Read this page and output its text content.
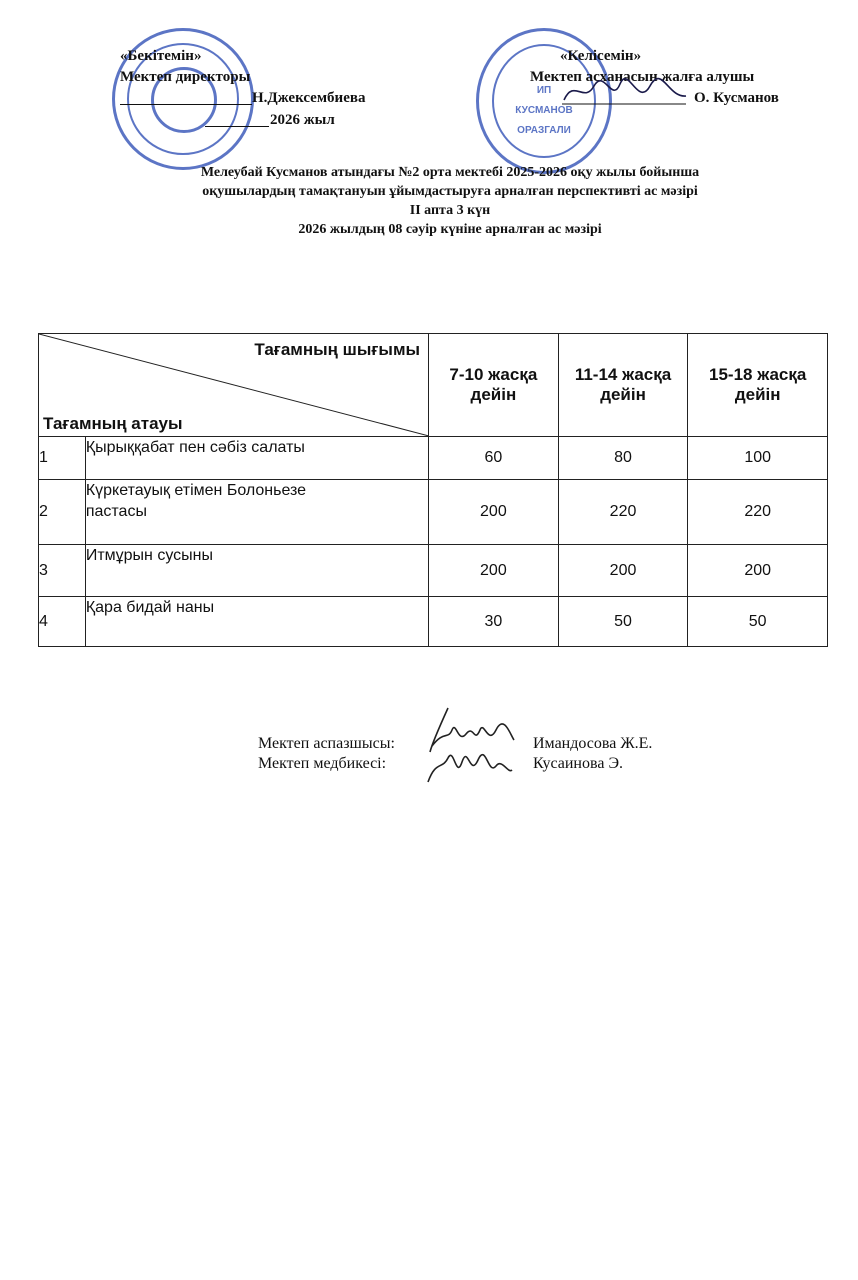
ИП
КУСМАНОВ
ОРАЗГАЛИ
«Бекітемін»
Мектеп директоры
Н.Джексембиева
2026 жыл
«Келісемін»
Мектеп асханасын жалға алушы
О. Кусманов
Мелеубай Кусманов атындағы №2 орта мектебі 2025-2026 оқу жылы бойынша
оқушылардың тамақтануын ұйымдастыруға арналған перспективті ас мәзірі
ІІ апта 3 күн
2026 жылдың 08 сәуір күніне арналған ас мәзірі
Тағамның шығымы
Тағамның атауы		7-10 жасқа дейін	11-14 жасқа дейін	15-18 жасқа дейін
1	Қырыққабат пен сәбіз салаты	60	80	100
2	Күркетауық етімен Болоньезе пастасы	200	220	220
3	Итмұрын сусыны	200	200	200
4	Қара бидай наны	30	50	50
Мектеп аспазшысы:
Мектеп медбикесі:
Имандосова Ж.Е.
Кусаинова Э.
